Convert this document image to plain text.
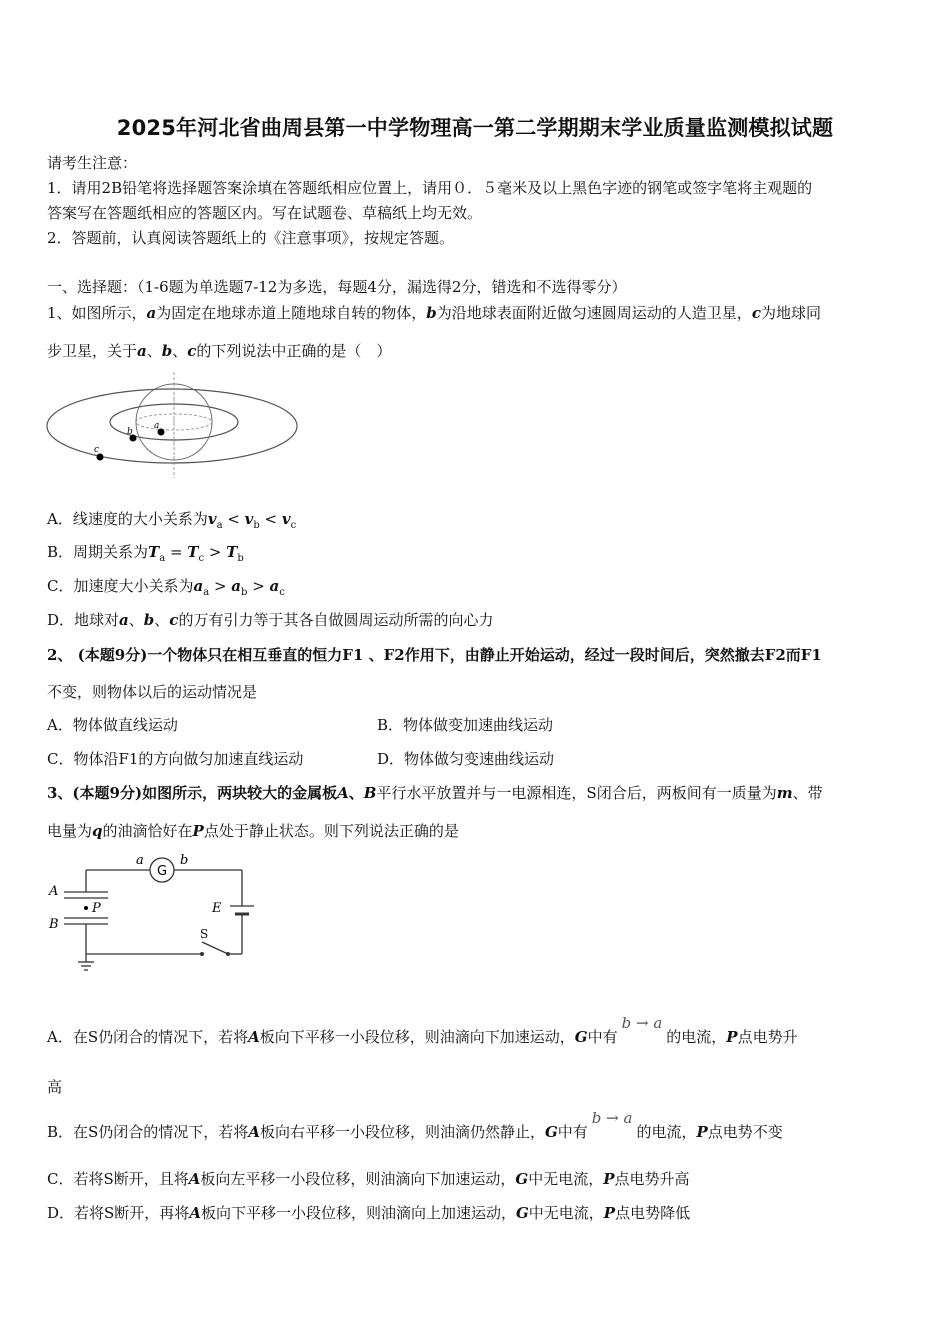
2025年河北省曲周县第一中学物理高一第二学期期末学业质量监测模拟试题
请考生注意：
1．请用2B铅笔将选择题答案涂填在答题纸相应位置上，请用０．５毫米及以上黑色字迹的钢笔或签字笔将主观题的
答案写在答题纸相应的答题区内。写在试题卷、草稿纸上均无效。
2．答题前，认真阅读答题纸上的《注意事项》，按规定答题。
一、选择题：（1-6题为单选题7-12为多选，每题4分，漏选得2分，错选和不选得零分）
1、如图所示，a为固定在地球赤道上随地球自转的物体，b为沿地球表面附近做匀速圆周运动的人造卫星，c为地球同
步卫星，关于a、b、c的下列说法中正确的是（　）
a
b
c
A．线速度的大小关系为$v_a < v_b < v_c$
B．周期关系为$T_a = T_c > T_b$
C．加速度大小关系为$a_a > a_b > a_c$
D．地球对a、b、c的万有引力等于其各自做圆周运动所需的向心力
2、 (本题9分)一个物体只在相互垂直的恒力F1 、F2作用下，由静止开始运动，经过一段时间后，突然撤去F2而F1
不变，则物体以后的运动情况是
A．物体做直线运动	B．物体做变加速曲线运动
C．物体沿F1的方向做匀加速直线运动	D．物体做匀变速曲线运动
3、(本题9分)如图所示，两块较大的金属板A、B平行水平放置并与一电源相连，S闭合后，两板间有一质量为m、带
电量为q的油滴恰好在P点处于静止状态。则下列说法正确的是
G
a	b
A
B
P	E
S
A．在S仍闭合的情况下，若将A板向下平移一小段位移，则油滴向下加速运动，G中有b → a的电流，P点电势升
高
B．在S仍闭合的情况下，若将A板向右平移一小段位移，则油滴仍然静止，G中有b → a的电流，P点电势不变
C．若将S断开，且将A板向左平移一小段位移，则油滴向下加速运动，G中无电流，P点电势升高
D．若将S断开，再将A板向下平移一小段位移，则油滴向上加速运动，G中无电流，P点电势降低
